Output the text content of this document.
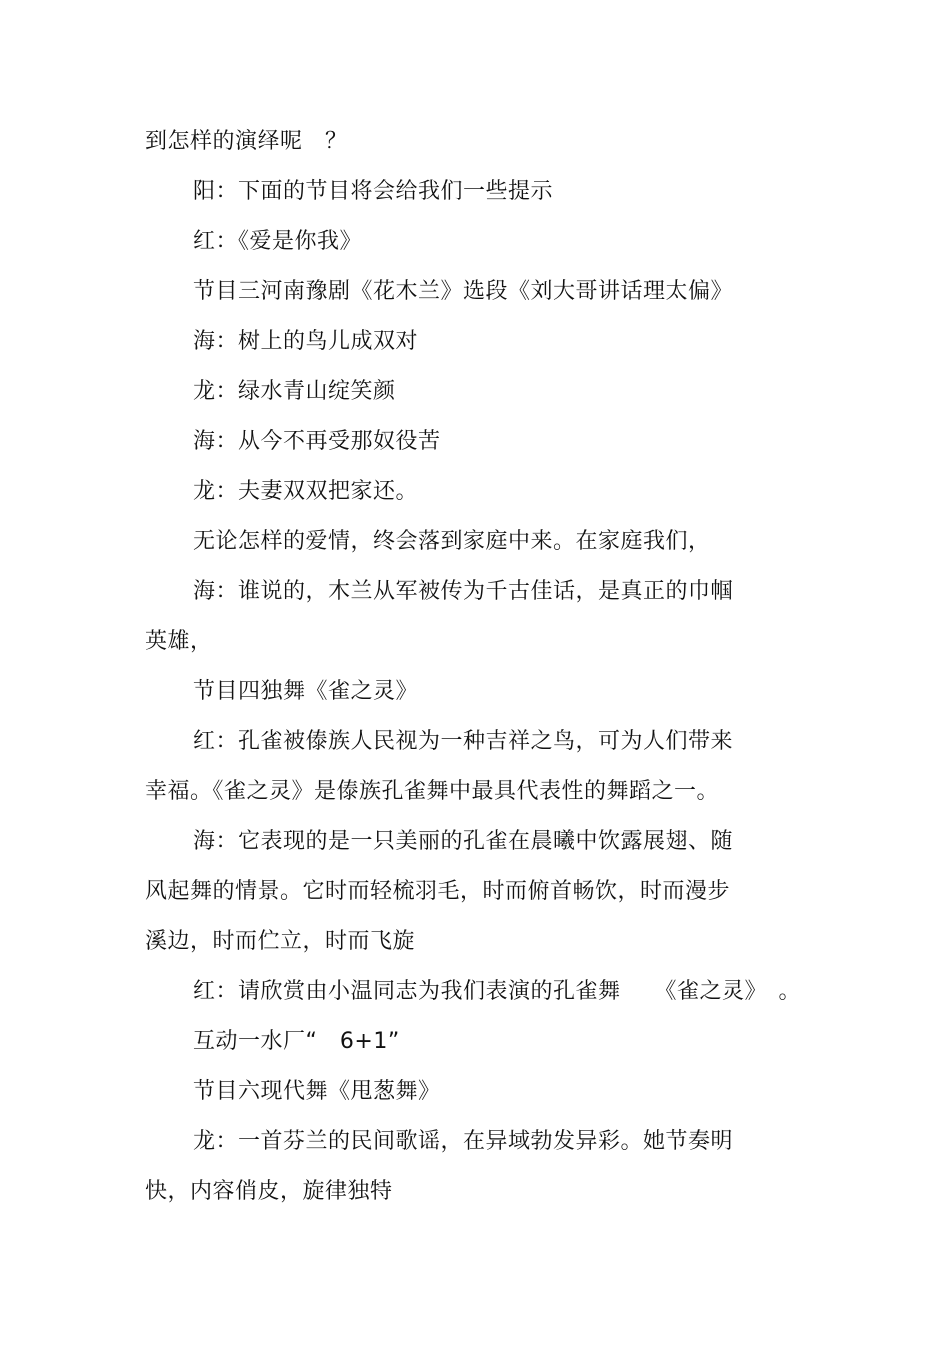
到怎样的演绎呢　？
阳：下面的节目将会给我们一些提示
红：《爱是你我》
节目三河南豫剧《花木兰》选段《刘大哥讲话理太偏》
海：树上的鸟儿成双对
龙：绿水青山绽笑颜
海：从今不再受那奴役苦
龙：夫妻双双把家还。
无论怎样的爱情，终会落到家庭中来。在家庭我们，
海：谁说的，木兰从军被传为千古佳话，是真正的巾帼
英雄，
节目四独舞《雀之灵》
红：孔雀被傣族人民视为一种吉祥之鸟，可为人们带来
幸福。《雀之灵》是傣族孔雀舞中最具代表性的舞蹈之一。
海：它表现的是一只美丽的孔雀在晨曦中饮露展翅、随
风起舞的情景。它时而轻梳羽毛，时而俯首畅饮，时而漫步
溪边，时而伫立，时而飞旋
红：请欣赏由小温同志为我们表演的孔雀舞　　《雀之灵》　。
互动一水厂“　6+1”
节目六现代舞《甩葱舞》
龙：一首芬兰的民间歌谣，在异域勃发异彩。她节奏明
快，内容俏皮，旋律独特
